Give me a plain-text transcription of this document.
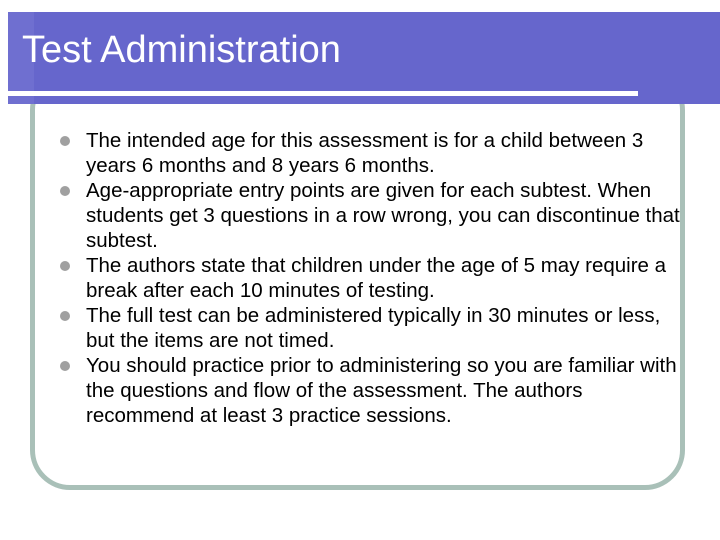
Test Administration
The intended age for this assessment is for a child between 3 years 6 months and 8 years 6 months.
Age-appropriate entry points are given for each subtest. When students get 3 questions in a row wrong, you can discontinue that subtest.
The authors state that children under the age of 5 may require a break after each 10 minutes of testing.
The full test can be administered typically in 30 minutes or less, but the items are not timed.
You should practice prior to administering so you are familiar with the questions and flow of the assessment. The authors recommend at least 3 practice sessions.
